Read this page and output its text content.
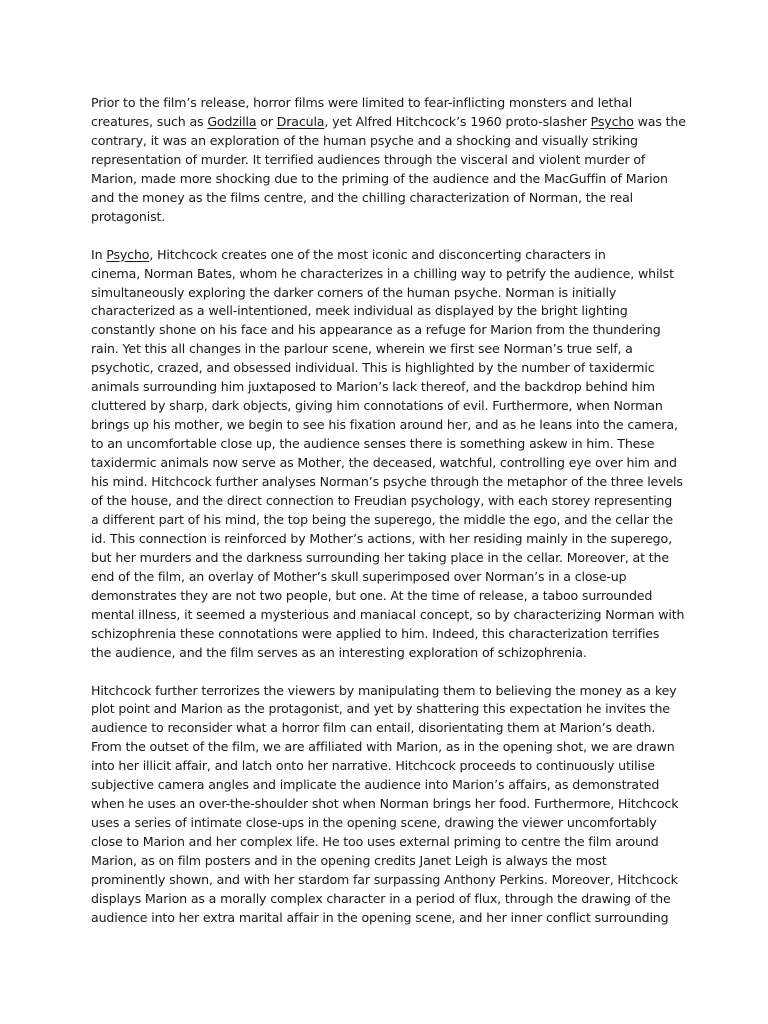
Prior to the film’s release, horror films were limited to fear-inflicting monsters and lethal
creatures, such as Godzilla or Dracula, yet Alfred Hitchcock’s 1960 proto-slasher Psycho was the
contrary, it was an exploration of the human psyche and a shocking and visually striking
representation of murder. It terrified audiences through the visceral and violent murder of
Marion, made more shocking due to the priming of the audience and the MacGuffin of Marion
and the money as the films centre, and the chilling characterization of Norman, the real
protagonist.

In Psycho, Hitchcock creates one of the most iconic and disconcerting characters in
cinema, Norman Bates, whom he characterizes in a chilling way to petrify the audience, whilst
simultaneously exploring the darker corners of the human psyche. Norman is initially
characterized as a well-intentioned, meek individual as displayed by the bright lighting
constantly shone on his face and his appearance as a refuge for Marion from the thundering
rain. Yet this all changes in the parlour scene, wherein we first see Norman’s true self, a
psychotic, crazed, and obsessed individual. This is highlighted by the number of taxidermic
animals surrounding him juxtaposed to Marion’s lack thereof, and the backdrop behind him
cluttered by sharp, dark objects, giving him connotations of evil. Furthermore, when Norman
brings up his mother, we begin to see his fixation around her, and as he leans into the camera,
to an uncomfortable close up, the audience senses there is something askew in him. These
taxidermic animals now serve as Mother, the deceased, watchful, controlling eye over him and
his mind. Hitchcock further analyses Norman’s psyche through the metaphor of the three levels
of the house, and the direct connection to Freudian psychology, with each storey representing
a different part of his mind, the top being the superego, the middle the ego, and the cellar the
id. This connection is reinforced by Mother’s actions, with her residing mainly in the superego,
but her murders and the darkness surrounding her taking place in the cellar. Moreover, at the
end of the film, an overlay of Mother’s skull superimposed over Norman’s in a close-up
demonstrates they are not two people, but one. At the time of release, a taboo surrounded
mental illness, it seemed a mysterious and maniacal concept, so by characterizing Norman with
schizophrenia these connotations were applied to him. Indeed, this characterization terrifies
the audience, and the film serves as an interesting exploration of schizophrenia.

Hitchcock further terrorizes the viewers by manipulating them to believing the money as a key
plot point and Marion as the protagonist, and yet by shattering this expectation he invites the
audience to reconsider what a horror film can entail, disorientating them at Marion’s death.
From the outset of the film, we are affiliated with Marion, as in the opening shot, we are drawn
into her illicit affair, and latch onto her narrative. Hitchcock proceeds to continuously utilise
subjective camera angles and implicate the audience into Marion’s affairs, as demonstrated
when he uses an over-the-shoulder shot when Norman brings her food. Furthermore, Hitchcock
uses a series of intimate close-ups in the opening scene, drawing the viewer uncomfortably
close to Marion and her complex life. He too uses external priming to centre the film around
Marion, as on film posters and in the opening credits Janet Leigh is always the most
prominently shown, and with her stardom far surpassing Anthony Perkins. Moreover, Hitchcock
displays Marion as a morally complex character in a period of flux, through the drawing of the
audience into her extra marital affair in the opening scene, and her inner conflict surrounding
